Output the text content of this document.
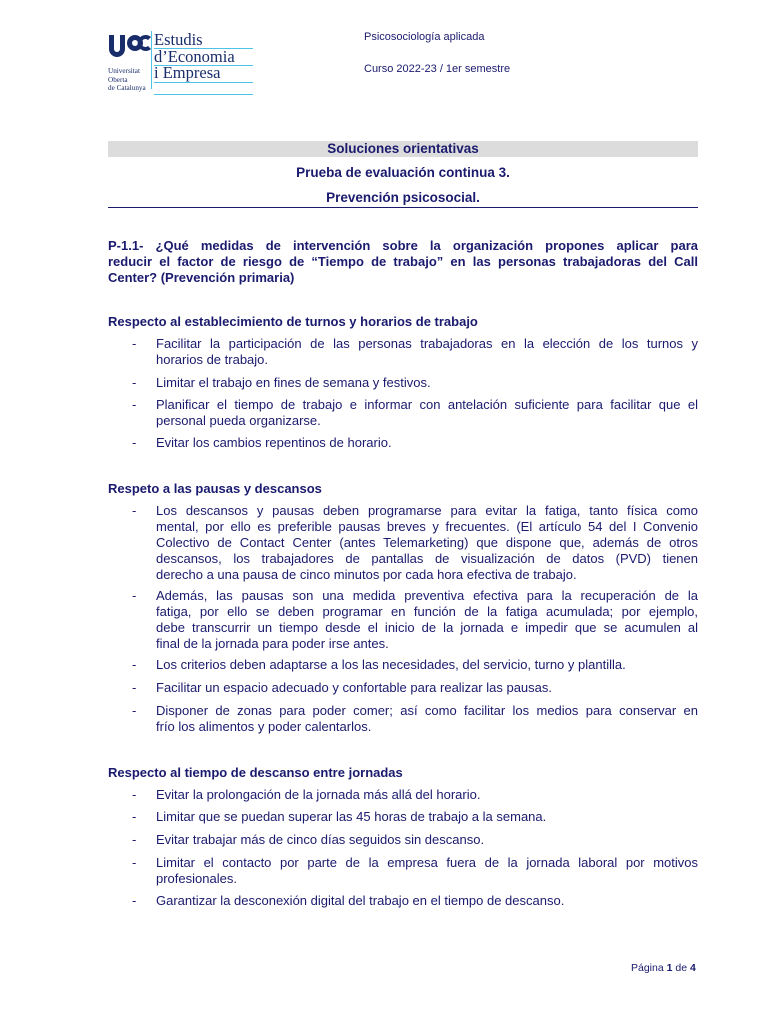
Universitat
Oberta
de Catalunya
Estudis
d’Economia
i Empresa
Psicosociología aplicada
Curso 2022-23 / 1er semestre
Soluciones orientativas
Prueba de evaluación continua 3.
Prevención psicosocial.
P-1.1- ¿Qué medidas de intervención sobre la organización propones aplicar para
reducir el factor de riesgo de “Tiempo de trabajo” en las personas trabajadoras del Call
Center? (Prevención primaria)
Respecto al establecimiento de turnos y horarios de trabajo
- Facilitar la participación de las personas trabajadoras en la elección de los turnos y
horarios de trabajo.
- Limitar el trabajo en fines de semana y festivos.
- Planificar el tiempo de trabajo e informar con antelación suficiente para facilitar que el
personal pueda organizarse.
- Evitar los cambios repentinos de horario.
Respeto a las pausas y descansos
- Los descansos y pausas deben programarse para evitar la fatiga, tanto física como
mental, por ello es preferible pausas breves y frecuentes. (El artículo 54 del I Convenio
Colectivo de Contact Center (antes Telemarketing) que dispone que, además de otros
descansos, los trabajadores de pantallas de visualización de datos (PVD) tienen
derecho a una pausa de cinco minutos por cada hora efectiva de trabajo.
- Además, las pausas son una medida preventiva efectiva para la recuperación de la
fatiga, por ello se deben programar en función de la fatiga acumulada; por ejemplo,
debe transcurrir un tiempo desde el inicio de la jornada e impedir que se acumulen al
final de la jornada para poder irse antes.
- Los criterios deben adaptarse a los las necesidades, del servicio, turno y plantilla.
- Facilitar un espacio adecuado y confortable para realizar las pausas.
- Disponer de zonas para poder comer; así como facilitar los medios para conservar en
frío los alimentos y poder calentarlos.
Respecto al tiempo de descanso entre jornadas
- Evitar la prolongación de la jornada más allá del horario.
- Limitar que se puedan superar las 45 horas de trabajo a la semana.
- Evitar trabajar más de cinco días seguidos sin descanso.
- Limitar el contacto por parte de la empresa fuera de la jornada laboral por motivos
profesionales.
- Garantizar la desconexión digital del trabajo en el tiempo de descanso.
Página 1 de 4
